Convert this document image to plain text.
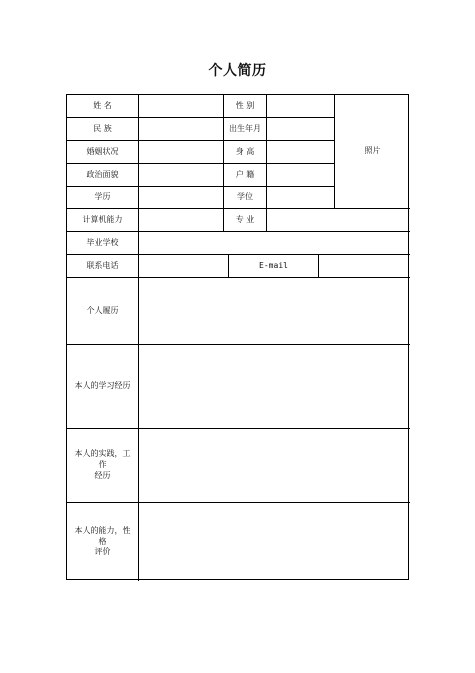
个人简历
姓 名	性 别
照片
民 族	出生年月
婚姻状况	身 高
政治面貌	户 籍
学历	学位
计算机能力	专 业
毕业学校
联系电话	E-mail
个人履历
本人的学习经历
本人的实践，工作
经历
本人的能力，性格
评价
